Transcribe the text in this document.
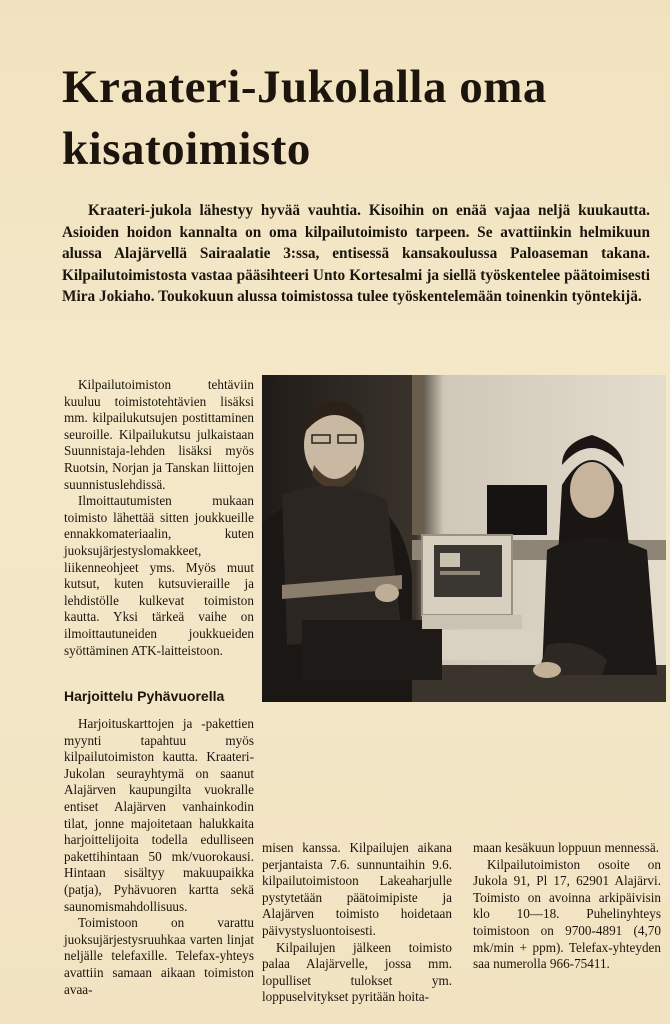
Kraateri-Jukolalla oma kisatoimisto

Kraateri-jukola lähestyy hyvää vauhtia. Kisoihin on enää vajaa neljä kuukautta. Asioiden hoidon kannalta on oma kilpailutoimisto tarpeen. Se avattiinkin helmikuun alussa Alajärvellä Sairaalatie 3:ssa, entisessä kansakoulussa Paloaseman takana. Kilpailutoimistosta vastaa pääsihteeri Unto Kortesalmi ja siellä työskentelee päätoimisesti Mira Jokiaho. Toukokuun alussa toimistossa tulee työskentelemään toinenkin työntekijä.

Kilpailutoimiston tehtäviin kuuluu toimistotehtävien lisäksi mm. kilpailukutsujen postittaminen seuroille. Kilpailukutsu julkaistaan Suunnistaja-lehden lisäksi myös Ruotsin, Norjan ja Tanskan liittojen suunnistuslehdissä.

Ilmoittautumisten mukaan toimisto lähettää sitten joukkueille ennakkomateriaalin, kuten juoksujärjestyslomakkeet, liikenneohjeet yms. Myös muut kutsut, kuten kutsuvieraille ja lehdistölle kulkevat toimiston kautta. Yksi tärkeä vaihe on ilmoittautuneiden joukkueiden syöttäminen ATK-laitteistoon.

Harjoittelu Pyhävuorella

Harjoituskarttojen ja -pakettien myynti tapahtuu myös kilpailutoimiston kautta. Kraateri-Jukolan seurayhtymä on saanut Alajärven kaupungilta vuokralle entiset Alajärven vanhainkodin tilat, jonne majoitetaan halukkaita harjoittelijoita todella edulliseen pakettihintaan 50 mk/vuorokausi. Hintaan sisältyy makuupaikka (patja), Pyhävuoren kartta sekä saunomismahdollisuus.

Toimistoon on varattu juoksujärjestysruuhkaa varten linjat neljälle telefaxille. Telefax-yhteys avattiin samaan aikaan toimiston avaa-

misen kanssa. Kilpailujen aikana perjantaista 7.6. sunnuntaihin 9.6. kilpailutoimistoon Lakeaharjulle pystytetään päätoimipiste ja Alajärven toimisto hoidetaan päivystysluontoisesti.

Kilpailujen jälkeen toimisto palaa Alajärvelle, jossa mm. lopulliset tulokset ym. loppuselvitykset pyritään hoita-

maan kesäkuun loppuun mennessä.

Kilpailutoimiston osoite on Jukola 91, Pl 17, 62901 Alajärvi. Toimisto on avoinna arkipäivisin klo 10—18. Puhelinyhteys toimistoon on 9700-4891 (4,70 mk/min + ppm). Telefax-yhteyden saa numerolla 966-75411.
